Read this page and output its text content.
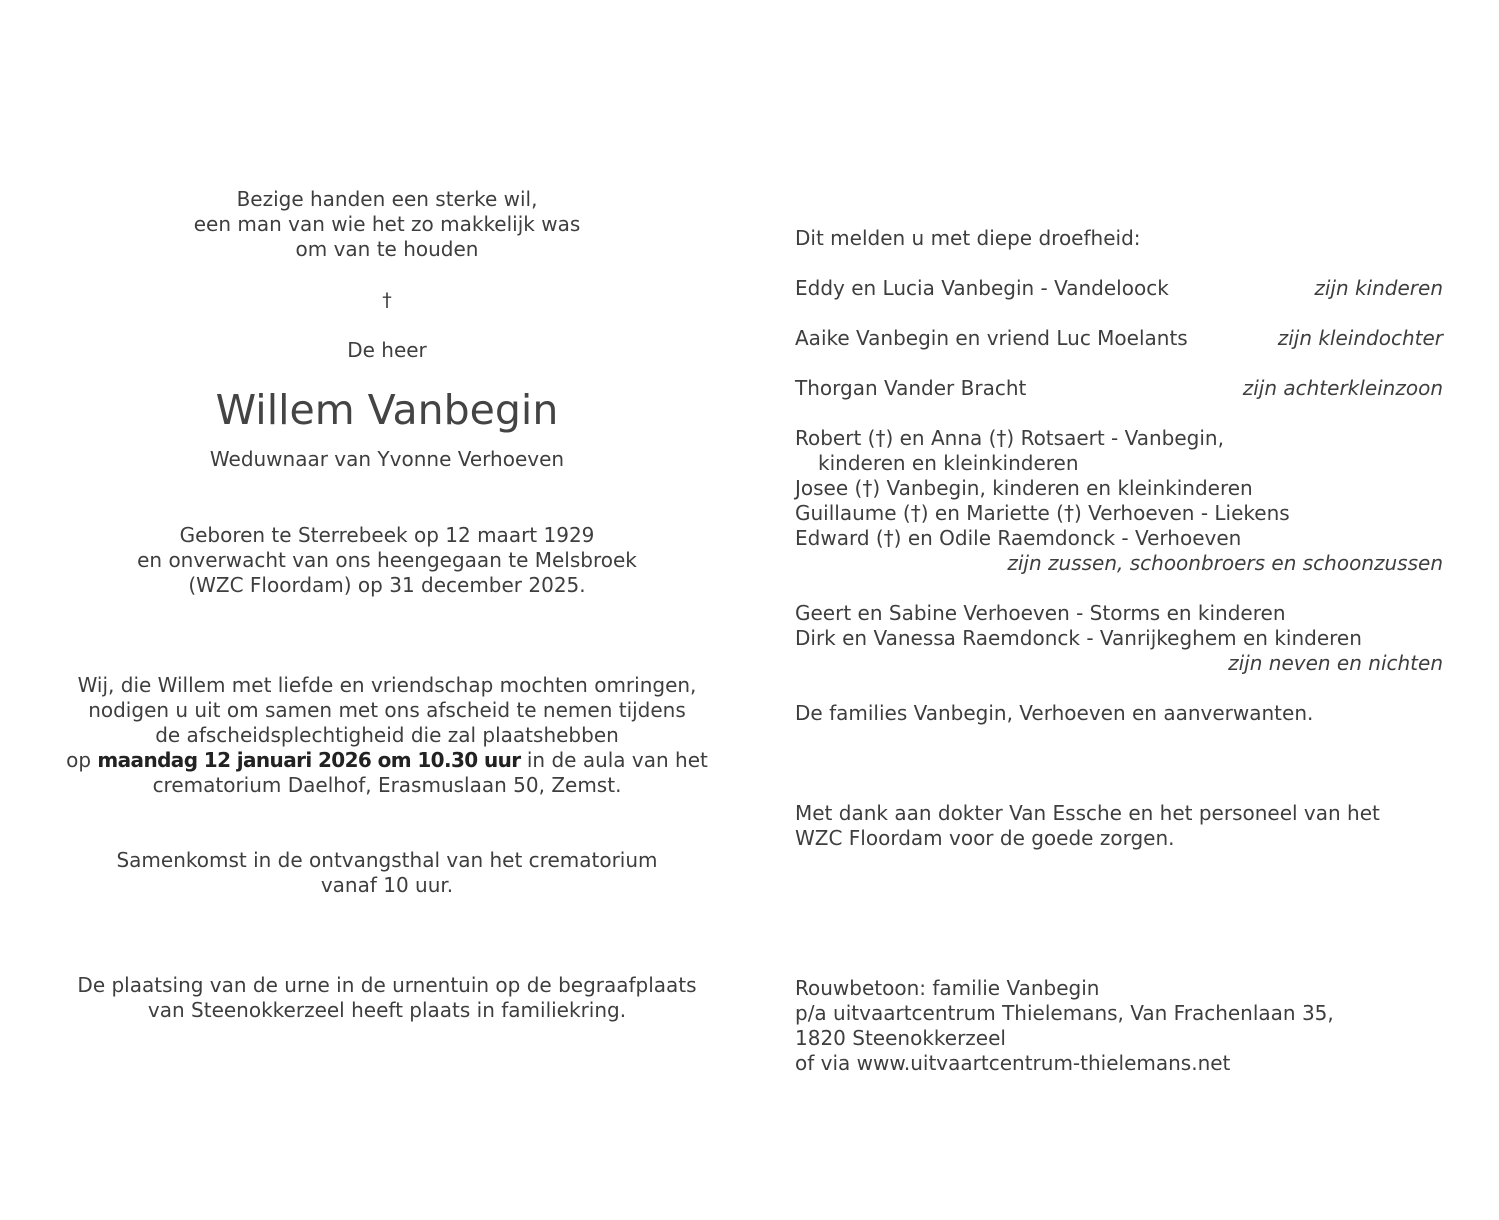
Bezige handen een sterke wil,
een man van wie het zo makkelijk was
om van te houden
†
De heer
Willem Vanbegin
Weduwnaar van Yvonne Verhoeven
Geboren te Sterrebeek op 12 maart 1929
en onverwacht van ons heengegaan te Melsbroek
(WZC Floordam) op 31 december 2025.
Wij, die Willem met liefde en vriendschap mochten omringen,
nodigen u uit om samen met ons afscheid te nemen tijdens
de afscheidsplechtigheid die zal plaatshebben
op maandag 12 januari 2026 om 10.30 uur in de aula van het
crematorium Daelhof, Erasmuslaan 50, Zemst.
Samenkomst in de ontvangsthal van het crematorium
vanaf 10 uur.
De plaatsing van de urne in de urnentuin op de begraafplaats
van Steenokkerzeel heeft plaats in familiekring.
Dit melden u met diepe droefheid:
Eddy en Lucia Vanbegin - Vandeloock	zijn kinderen
Aaike Vanbegin en vriend Luc Moelants	zijn kleindochter
Thorgan Vander Bracht	zijn achterkleinzoon
Robert (†) en Anna (†) Rotsaert - Vanbegin,
kinderen en kleinkinderen
Josee (†) Vanbegin, kinderen en kleinkinderen
Guillaume (†) en Mariette (†) Verhoeven - Liekens
Edward (†) en Odile Raemdonck - Verhoeven
zijn zussen, schoonbroers en schoonzussen
Geert en Sabine Verhoeven - Storms en kinderen
Dirk en Vanessa Raemdonck - Vanrijkeghem en kinderen
zijn neven en nichten
De families Vanbegin, Verhoeven en aanverwanten.
Met dank aan dokter Van Essche en het personeel van het
WZC Floordam voor de goede zorgen.
Rouwbetoon: familie Vanbegin
p/a uitvaartcentrum Thielemans, Van Frachenlaan 35,
1820 Steenokkerzeel
of via www.uitvaartcentrum-thielemans.net
